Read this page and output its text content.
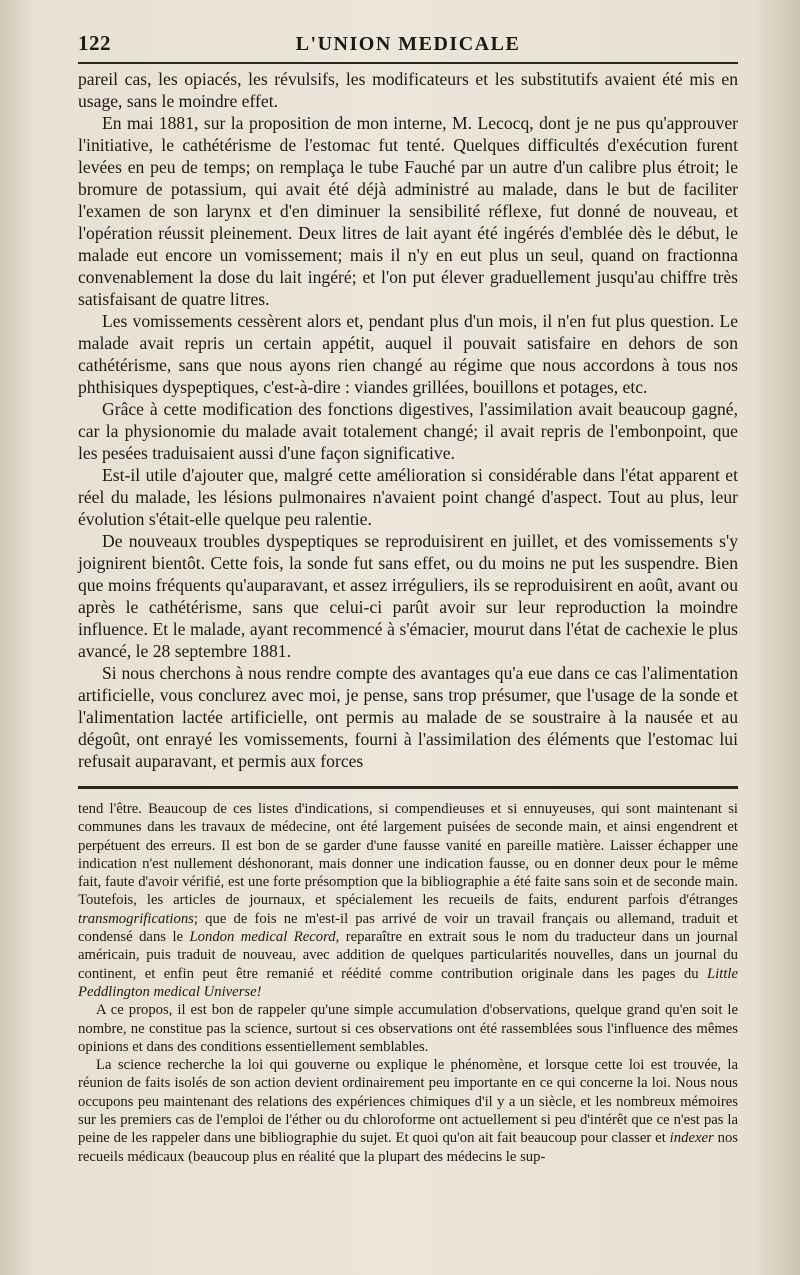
122	L'UNION MEDICALE

pareil cas, les opiacés, les révulsifs, les modificateurs et les substitutifs avaient été mis en usage, sans le moindre effet.

En mai 1881, sur la proposition de mon interne, M. Lecocq, dont je ne pus qu'approuver l'initiative, le cathétérisme de l'estomac fut tenté. Quelques difficultés d'exécution furent levées en peu de temps; on remplaça le tube Fauché par un autre d'un calibre plus étroit; le bromure de potassium, qui avait été déjà administré au malade, dans le but de faciliter l'examen de son larynx et d'en diminuer la sensibilité réflexe, fut donné de nouveau, et l'opération réussit pleinement. Deux litres de lait ayant été ingérés d'emblée dès le début, le malade eut encore un vomissement; mais il n'y en eut plus un seul, quand on fractionna convenablement la dose du lait ingéré; et l'on put élever graduellement jusqu'au chiffre très satisfaisant de quatre litres.

Les vomissements cessèrent alors et, pendant plus d'un mois, il n'en fut plus question. Le malade avait repris un certain appétit, auquel il pouvait satisfaire en dehors de son cathétérisme, sans que nous ayons rien changé au régime que nous accordons à tous nos phthisiques dyspeptiques, c'est-à-dire : viandes grillées, bouillons et potages, etc.

Grâce à cette modification des fonctions digestives, l'assimilation avait beaucoup gagné, car la physionomie du malade avait totalement changé; il avait repris de l'embonpoint, que les pesées traduisaient aussi d'une façon significative.

Est-il utile d'ajouter que, malgré cette amélioration si considérable dans l'état apparent et réel du malade, les lésions pulmonaires n'avaient point changé d'aspect. Tout au plus, leur évolution s'était-elle quelque peu ralentie.

De nouveaux troubles dyspeptiques se reproduisirent en juillet, et des vomissements s'y joignirent bientôt. Cette fois, la sonde fut sans effet, ou du moins ne put les suspendre. Bien que moins fréquents qu'auparavant, et assez irréguliers, ils se reproduisirent en août, avant ou après le cathétérisme, sans que celui-ci parût avoir sur leur reproduction la moindre influence. Et le malade, ayant recommencé à s'émacier, mourut dans l'état de cachexie le plus avancé, le 28 septembre 1881.

Si nous cherchons à nous rendre compte des avantages qu'a eue dans ce cas l'alimentation artificielle, vous conclurez avec moi, je pense, sans trop présumer, que l'usage de la sonde et l'alimentation lactée artificielle, ont permis au malade de se soustraire à la nausée et au dégoût, ont enrayé les vomissements, fourni à l'assimilation des éléments que l'estomac lui refusait auparavant, et permis aux forces

tend l'être. Beaucoup de ces listes d'indications, si compendieuses et si ennuyeuses, qui sont maintenant si communes dans les travaux de médecine, ont été largement puisées de seconde main, et ainsi engendrent et perpétuent des erreurs. Il est bon de se garder d'une fausse vanité en pareille matière. Laisser échapper une indication n'est nullement déshonorant, mais donner une indication fausse, ou en donner deux pour le même fait, faute d'avoir vérifié, est une forte présomption que la bibliographie a été faite sans soin et de seconde main. Toutefois, les articles de journaux, et spécialement les recueils de faits, endurent parfois d'étranges transmogrifications; que de fois ne m'est-il pas arrivé de voir un travail français ou allemand, traduit et condensé dans le London medical Record, reparaître en extrait sous le nom du traducteur dans un journal américain, puis traduit de nouveau, avec addition de quelques particularités nouvelles, dans un journal du continent, et enfin peut être remanié et réédité comme contribution originale dans les pages du Little Peddlington medical Universe!

A ce propos, il est bon de rappeler qu'une simple accumulation d'observations, quelque grand qu'en soit le nombre, ne constitue pas la science, surtout si ces observations ont été rassemblées sous l'influence des mêmes opinions et dans des conditions essentiellement semblables.

La science recherche la loi qui gouverne ou explique le phénomène, et lorsque cette loi est trouvée, la réunion de faits isolés de son action devient ordinairement peu importante en ce qui concerne la loi. Nous nous occupons peu maintenant des relations des expériences chimiques d'il y a un siècle, et les nombreux mémoires sur les premiers cas de l'emploi de l'éther ou du chloroforme ont actuellement si peu d'intérêt que ce n'est pas la peine de les rappeler dans une bibliographie du sujet. Et quoi qu'on ait fait beaucoup pour classer et indexer nos recueils médicaux (beaucoup plus en réalité que la plupart des médecins le sup-
